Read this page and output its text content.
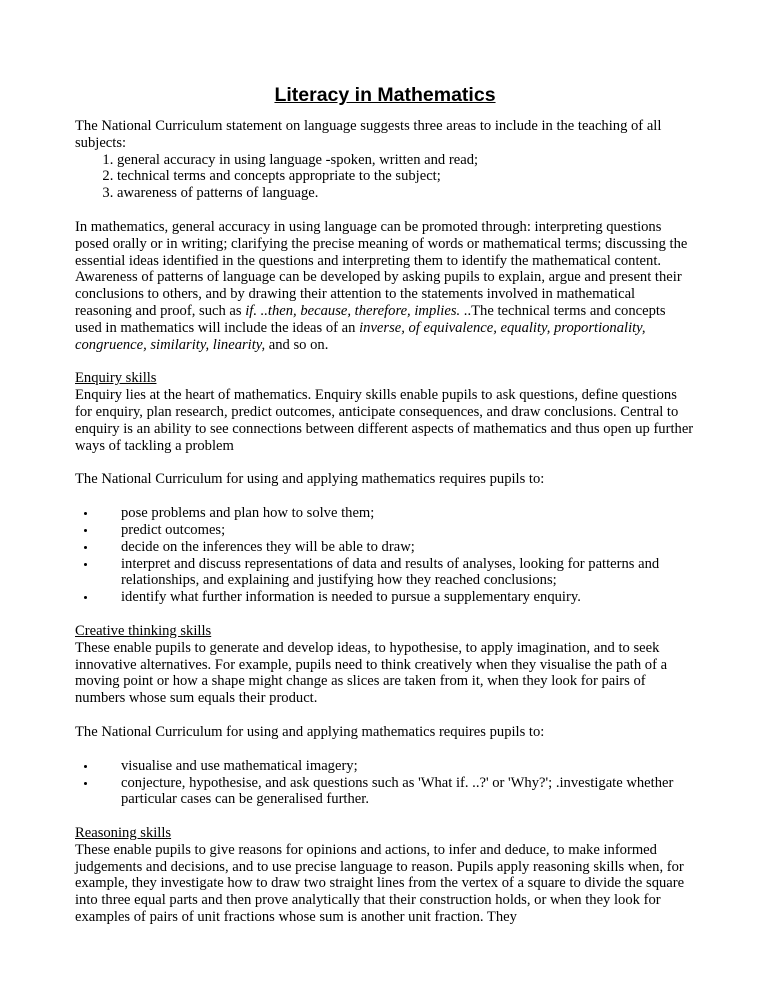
Literacy in Mathematics

The National Curriculum statement on language suggests three areas to include in the teaching of all subjects:

1. general accuracy in using language -spoken, written and read;
2. technical terms and concepts appropriate to the subject;
3. awareness of patterns of language.

In mathematics, general accuracy in using language can be promoted through: interpreting questions posed orally or in writing; clarifying the precise meaning of words or mathematical terms; discussing the essential ideas identified in the questions and interpreting them to identify the mathematical content. Awareness of patterns of language can be developed by asking pupils to explain, argue and present their conclusions to others, and by drawing their attention to the statements involved in mathematical reasoning and proof, such as if. ..then, because, therefore, implies. ..The technical terms and concepts used in mathematics will include the ideas of an inverse, of equivalence, equality, proportionality, congruence, similarity, linearity, and so on.

Enquiry skills

Enquiry lies at the heart of mathematics. Enquiry skills enable pupils to ask questions, define questions for enquiry, plan research, predict outcomes, anticipate consequences, and draw conclusions. Central to enquiry is an ability to see connections between different aspects of mathematics and thus open up further ways of tackling a problem

The National Curriculum for using and applying mathematics requires pupils to:

pose problems and plan how to solve them;
predict outcomes;
decide on the inferences they will be able to draw;
interpret and discuss representations of data and results of analyses, looking for patterns and relationships, and explaining and justifying how they reached conclusions;
identify what further information is needed to pursue a supplementary enquiry.

Creative thinking skills

These enable pupils to generate and develop ideas, to hypothesise, to apply imagination, and to seek innovative alternatives. For example, pupils need to think creatively when they visualise the path of a moving point or how a shape might change as slices are taken from it, when they look for pairs of numbers whose sum equals their product.

The National Curriculum for using and applying mathematics requires pupils to:

visualise and use mathematical imagery;
conjecture, hypothesise, and ask questions such as 'What if. ..?' or 'Why?'; .investigate whether particular cases can be generalised further.

Reasoning skills

These enable pupils to give reasons for opinions and actions, to infer and deduce, to make informed judgements and decisions, and to use precise language to reason. Pupils apply reasoning skills when, for example, they investigate how to draw two straight lines from the vertex of a square to divide the square into three equal parts and then prove analytically that their construction holds, or when they look for examples of pairs of unit fractions whose sum is another unit fraction. They
